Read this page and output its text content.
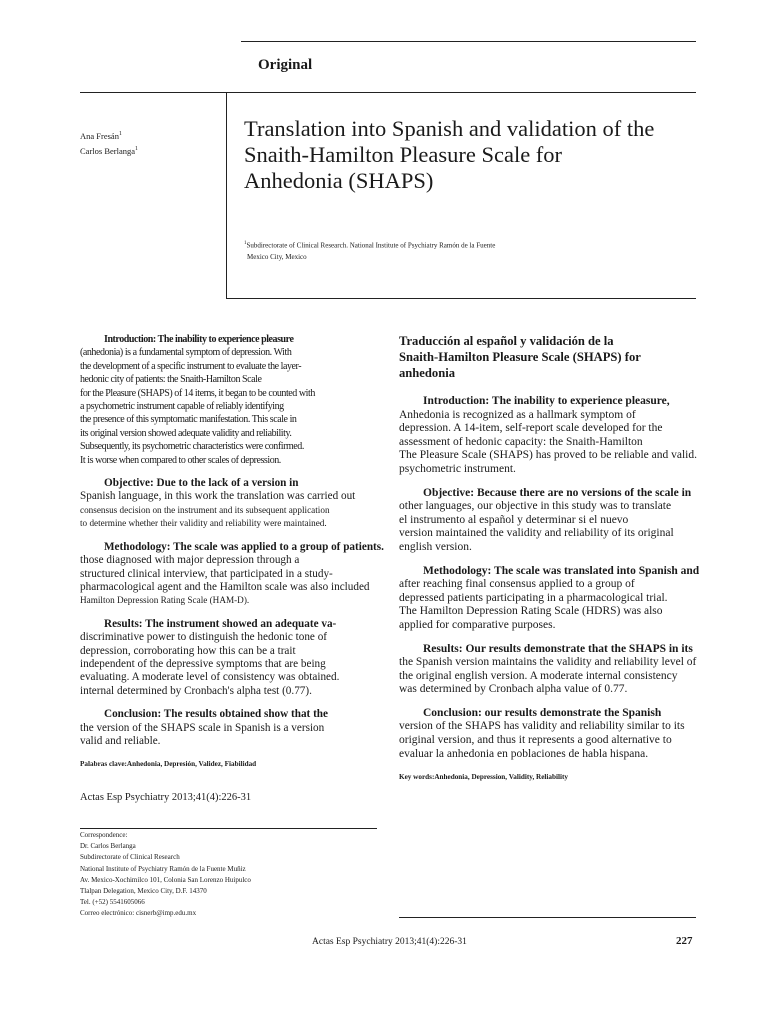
Original
Ana Fresán$^1$
Carlos Berlanga$^1$
Translation into Spanish and validation of the
Snaith-Hamilton Pleasure Scale for
Anhedonia (SHAPS)
$^1$Subdirectorate of Clinical Research. National Institute of Psychiatry Ramón de la Fuente
Mexico City, Mexico

Introduction: The inability to experience pleasure
(anhedonia) is a fundamental symptom of depression. With
the development of a specific instrument to evaluate the layer-
hedonic city of patients: the Snaith-Hamilton Scale
for the Pleasure (SHAPS) of 14 items, it began to be counted with
a psychometric instrument capable of reliably identifying
the presence of this symptomatic manifestation. This scale in
its original version showed adequate validity and reliability.
Subsequently, its psychometric characteristics were confirmed.
It is worse when compared to other scales of depression.

Objective: Due to the lack of a version in
Spanish language, in this work the translation was carried out
consensus decision on the instrument and its subsequent application
to determine whether their validity and reliability were maintained.

Methodology: The scale was applied to a group of patients.
those diagnosed with major depression through a
structured clinical interview, that participated in a study-
pharmacological agent and the Hamilton scale was also included
Hamilton Depression Rating Scale (HAM-D).

Results: The instrument showed an adequate va-
discriminative power to distinguish the hedonic tone of
depression, corroborating how this can be a trait
independent of the depressive symptoms that are being
evaluating. A moderate level of consistency was obtained.
internal determined by Cronbach's alpha test (0.77).

Conclusion: The results obtained show that the
the version of the SHAPS scale in Spanish is a version
valid and reliable.

Palabras clave:Anhedonia, Depresión, Validez, Fiabilidad
Actas Esp Psychiatry 2013;41(4):226-31
Traducción al español y validación de la
Snaith-Hamilton Pleasure Scale (SHAPS) for
anhedonia

Introduction: The inability to experience pleasure,
Anhedonia is recognized as a hallmark symptom of
depression. A 14-item, self-report scale developed for the
assessment of hedonic capacity: the Snaith-Hamilton
The Pleasure Scale (SHAPS) has proved to be reliable and valid.
psychometric instrument.

Objective: Because there are no versions of the scale in
other languages, our objective in this study was to translate
el instrumento al español y determinar si el nuevo
version maintained the validity and reliability of its original
english version.

Methodology: The scale was translated into Spanish and
after reaching final consensus applied to a group of
depressed patients participating in a pharmacological trial.
The Hamilton Depression Rating Scale (HDRS) was also
applied for comparative purposes.

Results: Our results demonstrate that the SHAPS in its
the Spanish version maintains the validity and reliability level of
the original english version. A moderate internal consistency
was determined by Cronbach alpha value of 0.77.

Conclusion: our results demonstrate the Spanish
version of the SHAPS has validity and reliability similar to its
original version, and thus it represents a good alternative to
evaluar la anhedonia en poblaciones de habla hispana.

Key words:Anhedonia, Depression, Validity, Reliability
Correspondence:
Dr. Carlos Berlanga
Subdirectorate of Clinical Research
National Institute of Psychiatry Ramón de la Fuente Muñiz
Av. Mexico-Xochimilco 101, Colonia San Lorenzo Huipulco
Tlalpan Delegation, Mexico City, D.F. 14370
Tel. (+52) 5541605066
Correo electrónico: cisnerb@imp.edu.mx
Actas Esp Psychiatry 2013;41(4):226-31	227
